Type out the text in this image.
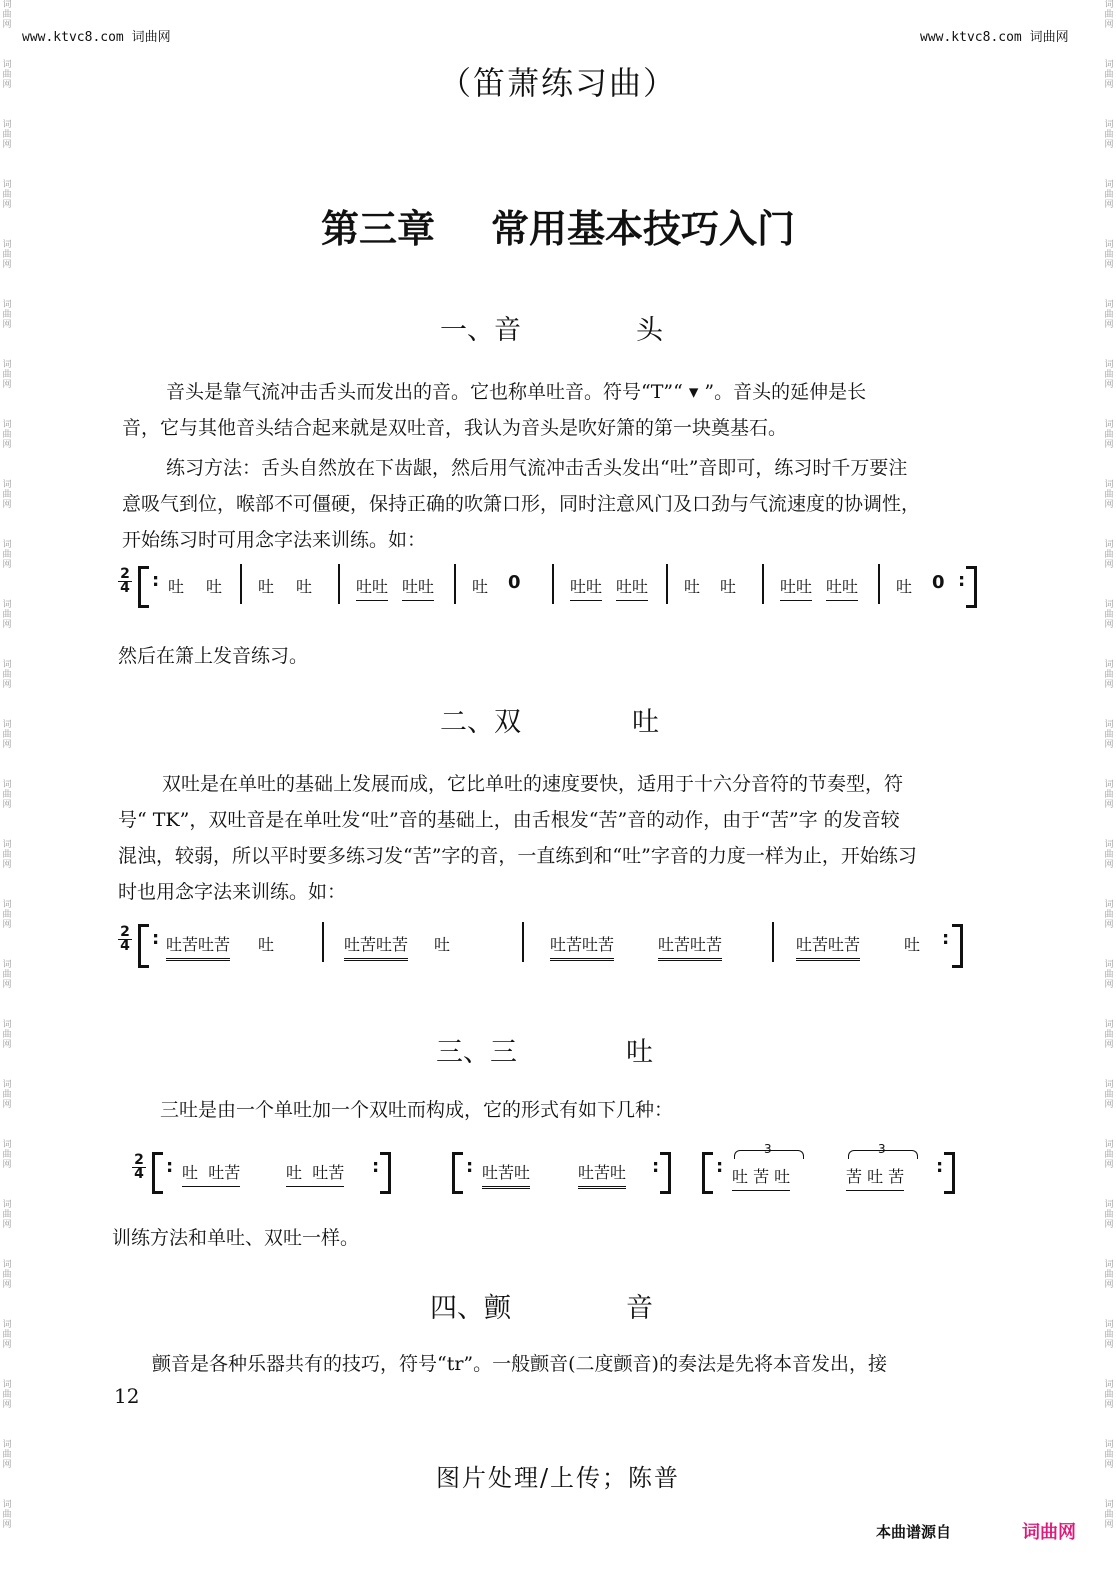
词
曲
网
词
曲
网
词
曲
网
词
曲
网
词
曲
网
词
曲
网
词
曲
网
词
曲
网
词
曲
网
词
曲
网
词
曲
网
词
曲
网
词
曲
网
词
曲
网
词
曲
网
词
曲
网
词
曲
网
词
曲
网
词
曲
网
词
曲
网
词
曲
网
词
曲
网
词
曲
网
词
曲
网
词
曲
网
词
曲
网
词
曲
网
词
曲
网
词
曲
网
词
曲
网
词
曲
网
词
曲
网
词
曲
网
词
曲
网
词
曲
网
词
曲
网
词
曲
网
词
曲
网
词
曲
网
词
曲
网
词
曲
网
词
曲
网
词
曲
网
词
曲
网
词
曲
网
词
曲
网
词
曲
网
词
曲
网
词
曲
网
词
曲
网
词
曲
网
词
曲
网
www.ktvc8.com 词曲网	www.ktvc8.com 词曲网
（笛萧练习曲）
第三章 常用基本技巧入门
一、音	头

音头是靠气流冲击舌头而发出的音。它也称单吐音。符号“T”“ ▾ ”。音头的延伸是长

音，它与其他音头结合起来就是双吐音，我认为音头是吹好箫的第一块奠基石。

练习方法：舌头自然放在下齿龈，然后用气流冲击舌头发出“吐”音即可，练习时千万要注

意吸气到位，喉部不可僵硬，保持正确的吹箫口形，同时注意风门及口劲与气流速度的协调性，

开始练习时可用念字法来训练。如：

2
4 : 吐 吐 吐 吐	吐吐 吐吐 吐 0	吐吐 吐吐 吐 吐	吐吐 吐吐 吐 0 :
然后在箫上发音练习。
二、双	吐

双吐是在单吐的基础上发展而成，它比单吐的速度要快，适用于十六分音符的节奏型，符

号“ TK”，双吐音是在单吐发“吐”音的基础上，由舌根发“苦”音的动作，由于“苦”字 的发音较

混浊，较弱，所以平时要多练习发“苦”字的音，一直练到和“吐”字音的力度一样为止，开始练习

时也用念字法来训练。如：

2
4 : 吐苦吐苦 吐	吐苦吐苦 吐	吐苦吐苦	吐苦吐苦	吐苦吐苦	吐 :
三、三	吐
三吐是由一个单吐加一个双吐而构成，它的形式有如下几种：
2
4 : 吐 吐苦	吐 吐苦 :	: 吐苦吐	吐苦吐 :	:
3
吐 苦 吐
3
苦 吐 苦 :
训练方法和单吐、双吐一样。
四、颤	音
颤音是各种乐器共有的技巧，符号“tr”。一般颤音(二度颤音)的奏法是先将本音发出，接
12
图片处理/上传；陈普
本曲谱源自	词曲网
